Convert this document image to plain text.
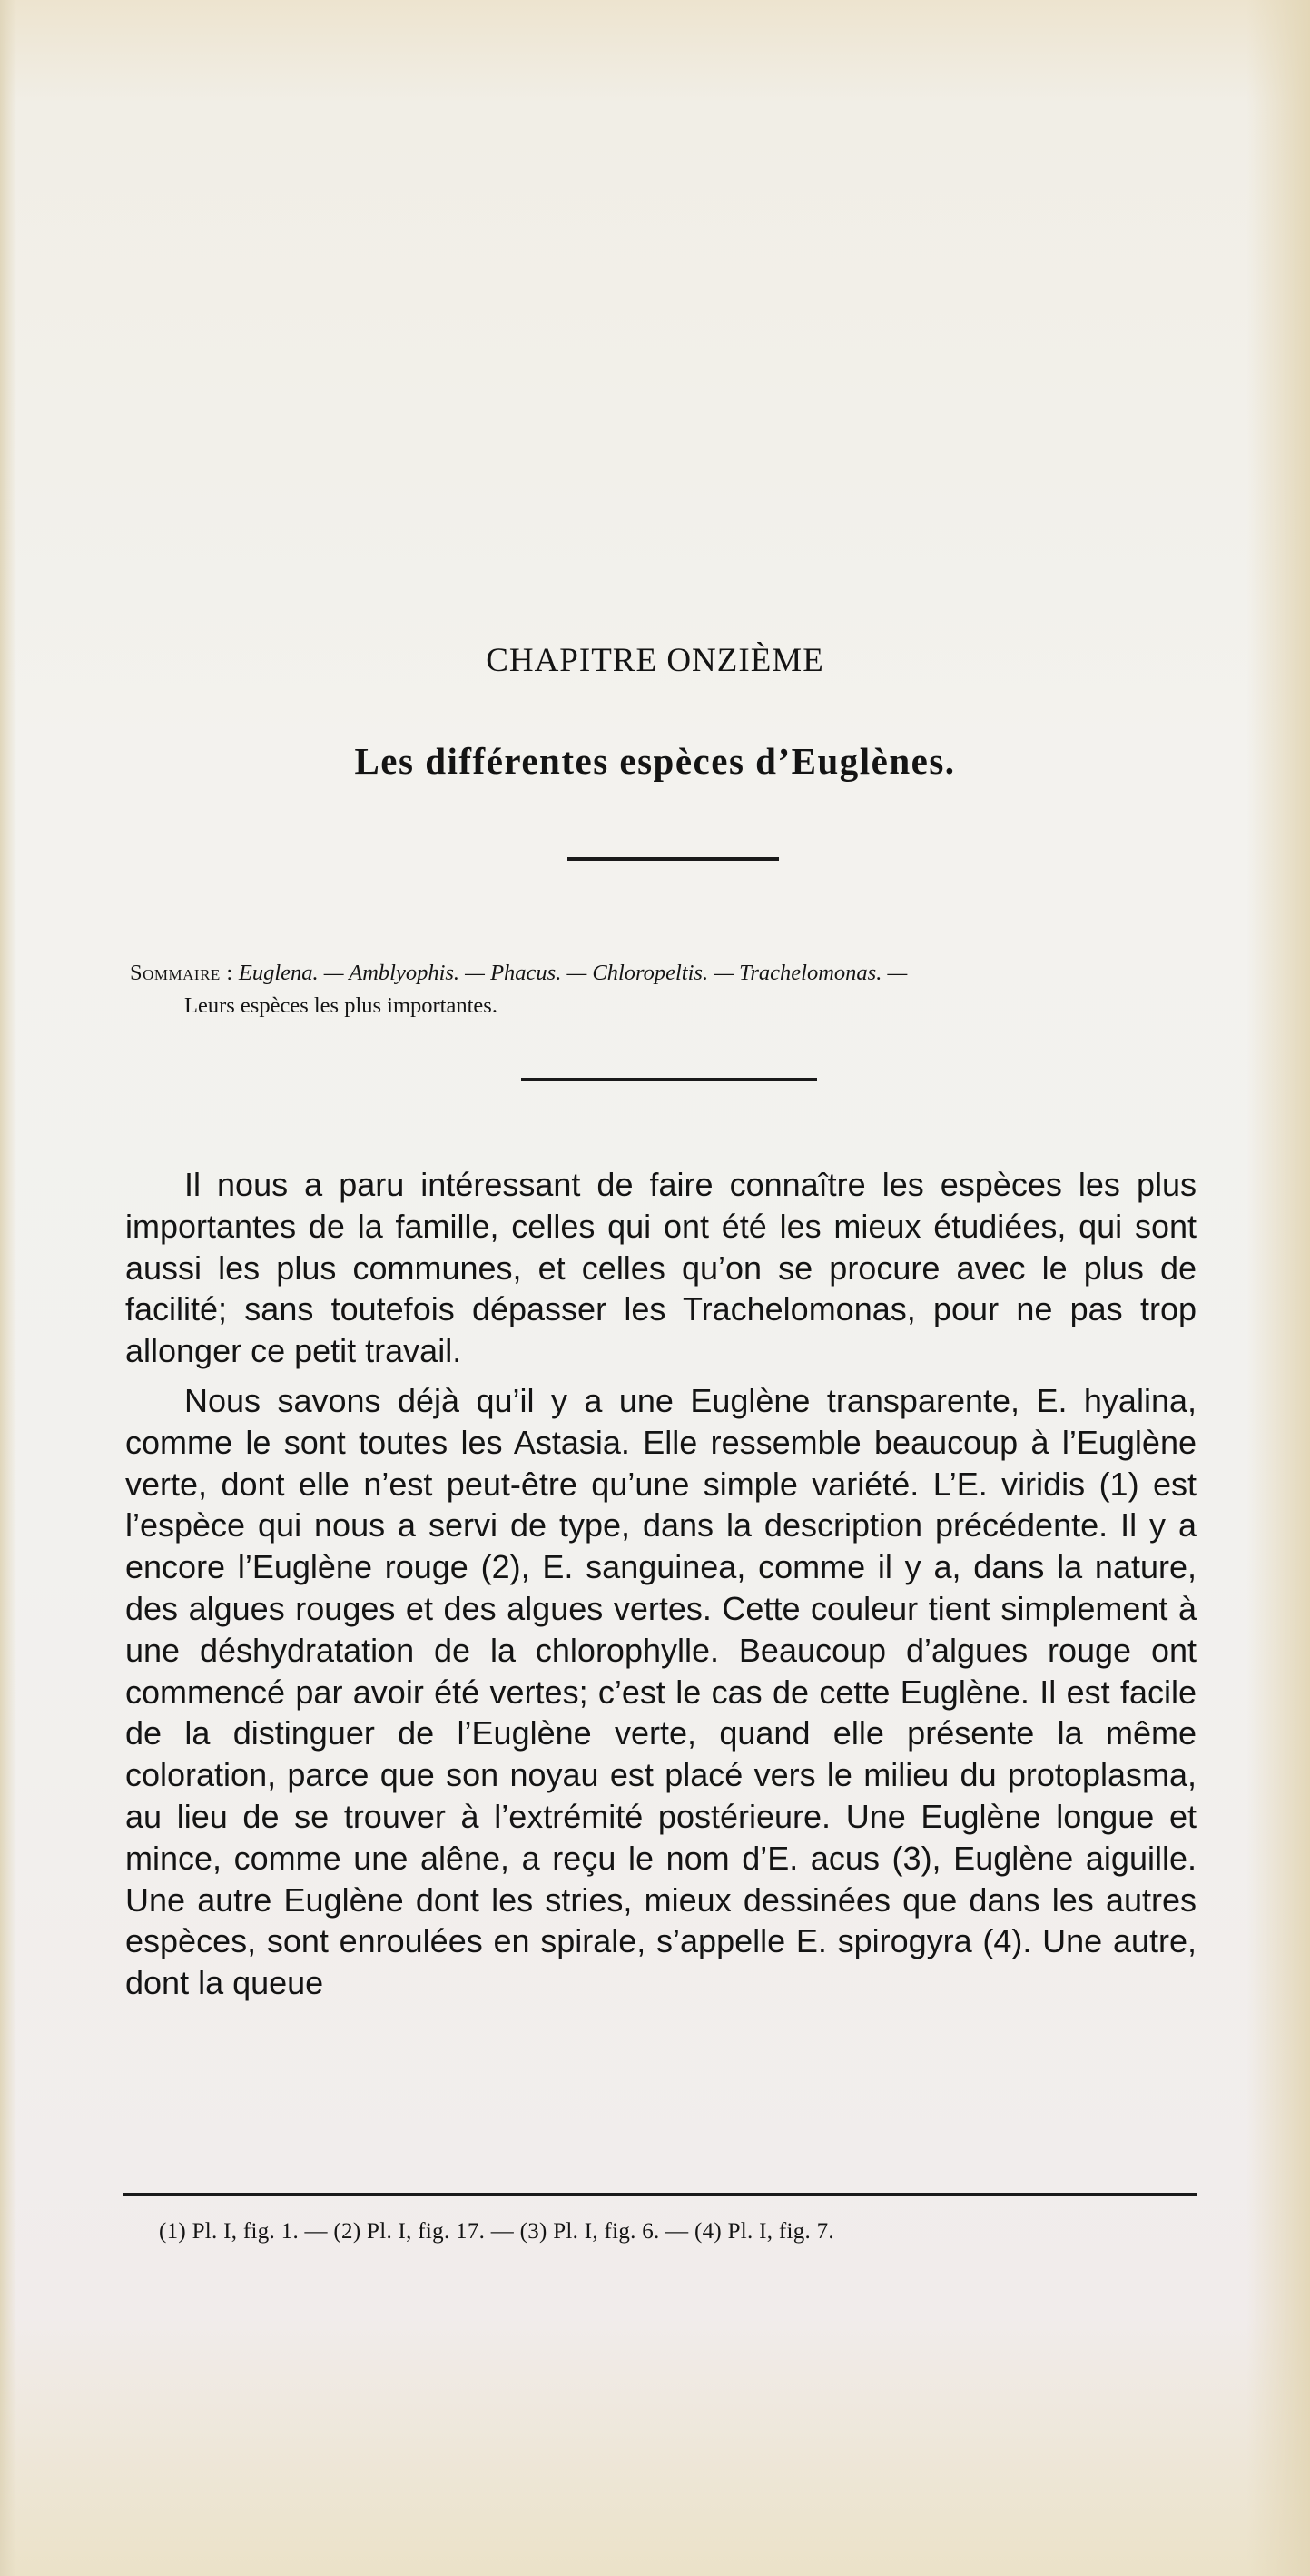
CHAPITRE ONZIÈME
Les différentes espèces d’Euglènes.
Sommaire : Euglena. — Amblyophis. — Phacus. — Chloropeltis. — Trachelomonas. —
Leurs espèces les plus importantes.

Il nous a paru intéressant de faire connaître les espèces les plus importantes de la famille, celles qui ont été les mieux étudiées, qui sont aussi les plus communes, et celles qu’on se procure avec le plus de facilité; sans toutefois dépasser les Trachelomonas, pour ne pas trop allonger ce petit travail.

Nous savons déjà qu’il y a une Euglène transparente, E. hyalina, comme le sont toutes les Astasia. Elle ressemble beaucoup à l’Euglène verte, dont elle n’est peut-être qu’une simple variété. L’E. viridis (1) est l’espèce qui nous a servi de type, dans la description précédente. Il y a encore l’Euglène rouge (2), E. sanguinea, comme il y a, dans la nature, des algues rouges et des algues vertes. Cette couleur tient simplement à une déshydratation de la chlorophylle. Beaucoup d’algues rouge ont commencé par avoir été vertes; c’est le cas de cette Euglène. Il est facile de la distinguer de l’Euglène verte, quand elle présente la même coloration, parce que son noyau est placé vers le milieu du protoplasma, au lieu de se trouver à l’extrémité postérieure. Une Euglène longue et mince, comme une alêne, a reçu le nom d’E. acus (3), Euglène aiguille. Une autre Euglène dont les stries, mieux dessinées que dans les autres espèces, sont enroulées en spirale, s’appelle E. spirogyra (4). Une autre, dont la queue

(1) Pl. I, fig. 1. — (2) Pl. I, fig. 17. — (3) Pl. I, fig. 6. — (4) Pl. I, fig. 7.
